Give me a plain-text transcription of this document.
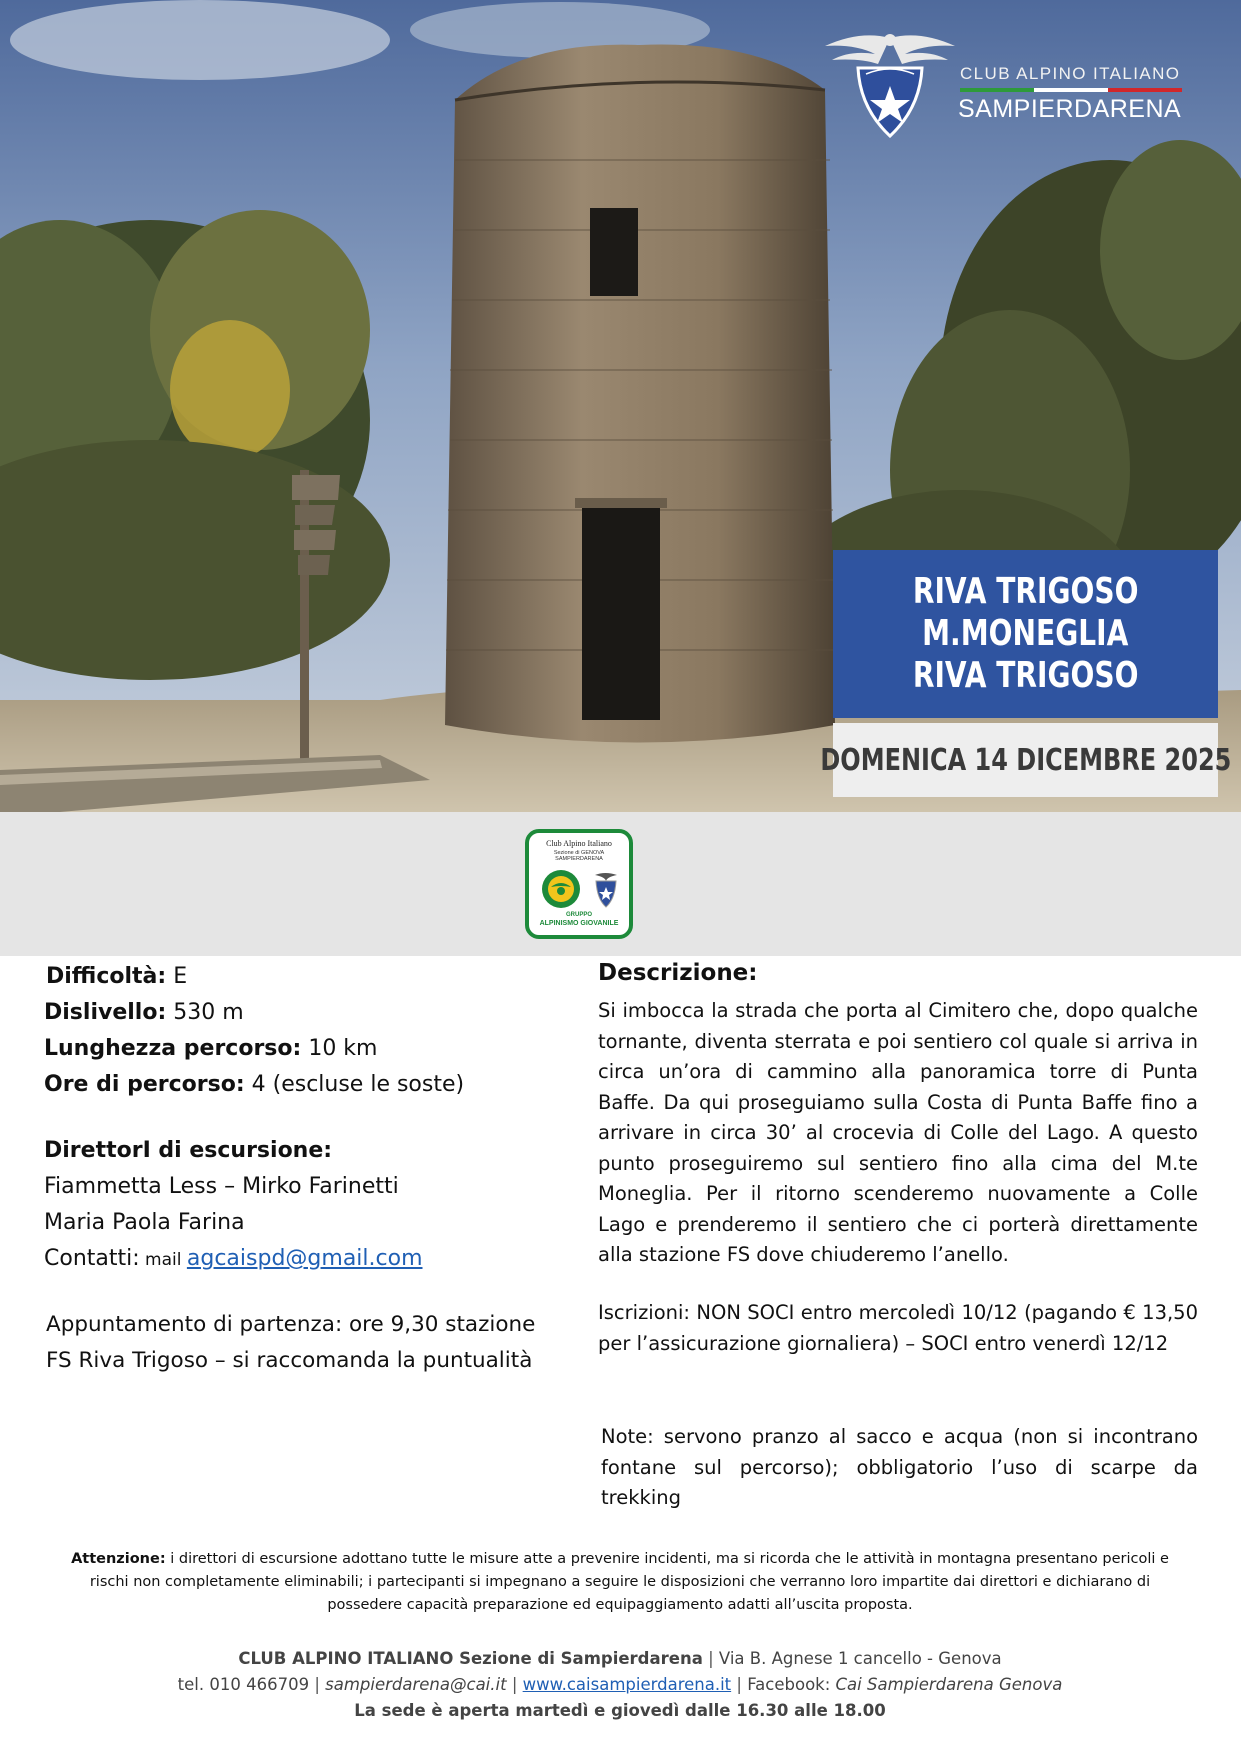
CLUB ALPINO ITALIANO
SAMPIERDARENA
RIVA TRIGOSO
M.MONEGLIA
RIVA TRIGOSO
DOMENICA 14 DICEMBRE 2025
Club Alpino Italiano
Sezione di GENOVA
SAMPIERDARENA
GRUPPO
ALPINISMO GIOVANILE
Difficoltà: E
Dislivello: 530 m
Lunghezza percorso: 10 km
Ore di percorso: 4 (escluse le soste)
DirettorI di escursione:
Fiammetta Less – Mirko Farinetti
Maria Paola Farina
Contatti: mail agcaispd@gmail.com
Appuntamento di partenza: ore 9,30 stazione
FS Riva Trigoso – si raccomanda la puntualità
Descrizione:
Si imbocca la strada che porta al Cimitero che, dopo qualche tornante, diventa sterrata e poi sentiero col quale si arriva in circa un’ora di cammino alla panoramica torre di Punta Baffe. Da qui proseguiamo sulla Costa di Punta Baffe fino a arrivare in circa 30’ al crocevia di Colle del Lago. A questo punto proseguiremo sul sentiero fino alla cima del M.te Moneglia. Per il ritorno scenderemo nuovamente a Colle Lago e prenderemo il sentiero che ci porterà direttamente alla stazione FS dove chiuderemo l’anello.
Iscrizioni: NON SOCI entro mercoledì 10/12 (pagando € 13,50 per l’assicurazione giornaliera) – SOCI entro venerdì 12/12
Note: servono pranzo al sacco e acqua (non si incontrano fontane sul percorso); obbligatorio l’uso di scarpe da trekking
Attenzione: i direttori di escursione adottano tutte le misure atte a prevenire incidenti, ma si ricorda che le attività in montagna presentano pericoli e rischi non completamente eliminabili; i partecipanti si impegnano a seguire le disposizioni che verranno loro impartite dai direttori e dichiarano di possedere capacità preparazione ed equipaggiamento adatti all’uscita proposta.
CLUB ALPINO ITALIANO Sezione di Sampierdarena | Via B. Agnese 1 cancello - Genova
tel. 010 466709 | sampierdarena@cai.it | www.caisampierdarena.it | Facebook: Cai Sampierdarena Genova
La sede è aperta martedì e giovedì dalle 16.30 alle 18.00
